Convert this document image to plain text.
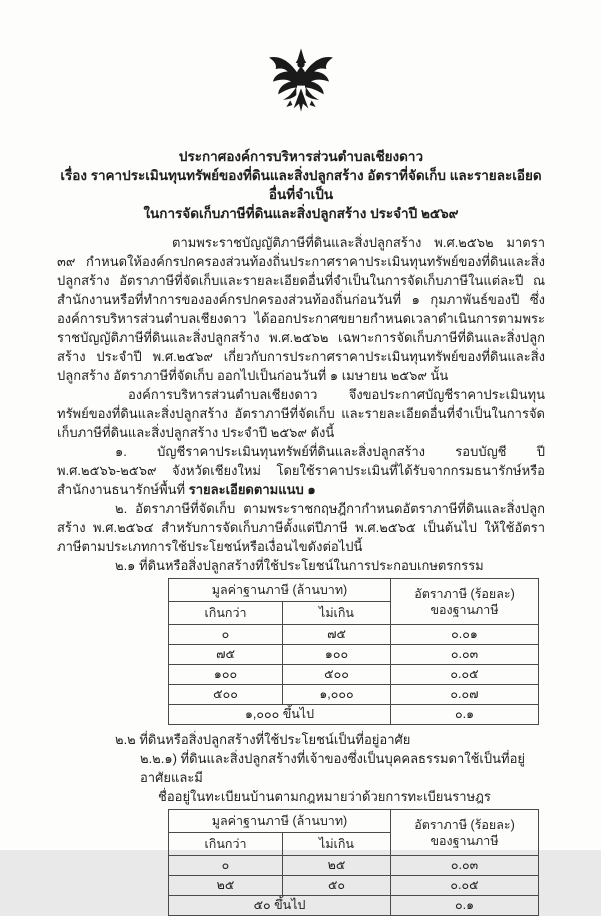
ประกาศองค์การบริหารส่วนตำบลเชียงดาว
เรื่อง ราคาประเมินทุนทรัพย์ของที่ดินและสิ่งปลูกสร้าง อัตราที่จัดเก็บ และรายละเอียดอื่นที่จำเป็น
ในการจัดเก็บภาษีที่ดินและสิ่งปลูกสร้าง ประจำปี ๒๕๖๙

ตามพระราชบัญญัติภาษีที่ดินและสิ่งปลูกสร้าง พ.ศ.๒๕๖๒ มาตรา ๓๙ กำหนดให้องค์กรปกครองส่วนท้องถิ่นประกาศราคาประเมินทุนทรัพย์ของที่ดินและสิ่งปลูกสร้าง อัตราภาษีที่จัดเก็บและรายละเอียดอื่นที่จำเป็นในการจัดเก็บภาษีในแต่ละปี ณ สำนักงานหรือที่ทำการขององค์กรปกครองส่วนท้องถิ่นก่อนวันที่ ๑ กุมภาพันธ์ของปี ซึ่งองค์การบริหารส่วนตำบลเชียงดาว ได้ออกประกาศขยายกำหนดเวลาดำเนินการตามพระราชบัญญัติภาษีที่ดินและสิ่งปลูกสร้าง พ.ศ.๒๕๖๒ เฉพาะการจัดเก็บภาษีที่ดินและสิ่งปลูกสร้าง ประจำปี พ.ศ.๒๕๖๙ เกี่ยวกับการประกาศราคาประเมินทุนทรัพย์ของที่ดินและสิ่งปลูกสร้าง อัตราภาษีที่จัดเก็บ ออกไปเป็นก่อนวันที่ ๑ เมษายน ๒๕๖๙ นั้น

องค์การบริหารส่วนตำบลเชียงดาว จึงขอประกาศบัญชีราคาประเมินทุนทรัพย์ของที่ดินและสิ่งปลูกสร้าง อัตราภาษีที่จัดเก็บ และรายละเอียดอื่นที่จำเป็นในการจัดเก็บภาษีที่ดินและสิ่งปลูกสร้าง ประจำปี ๒๕๖๙ ดังนี้

๑. บัญชีราคาประเมินทุนทรัพย์ที่ดินและสิ่งปลูกสร้าง รอบบัญชี ปี พ.ศ.๒๕๖๖-๒๕๖๙ จังหวัดเชียงใหม่ โดยใช้ราคาประเมินที่ได้รับจากกรมธนารักษ์หรือสำนักงานธนารักษ์พื้นที่ รายละเอียดตามแนบ ๑

๒. อัตราภาษีที่จัดเก็บ ตามพระราชกฤษฎีกากำหนดอัตราภาษีที่ดินและสิ่งปลูกสร้าง พ.ศ.๒๕๖๔ สำหรับการจัดเก็บภาษีตั้งแต่ปีภาษี พ.ศ.๒๕๖๕ เป็นต้นไป ให้ใช้อัตราภาษีตามประเภทการใช้ประโยชน์หรือเงื่อนไขดังต่อไปนี้

๒.๑ ที่ดินหรือสิ่งปลูกสร้างที่ใช้ประโยชน์ในการประกอบเกษตรกรรม

มูลค่าฐานภาษี (ล้านบาท)		อัตราภาษี (ร้อยละ)
ของฐานภาษี

เกินกว่า	ไม่เกิน	
๐	๗๕	๐.๐๑
๗๕	๑๐๐	๐.๐๓
๑๐๐	๕๐๐	๐.๐๕
๕๐๐	๑,๐๐๐	๐.๐๗
๑,๐๐๐ ขึ้นไป		๐.๑

๒.๒ ที่ดินหรือสิ่งปลูกสร้างที่ใช้ประโยชน์เป็นที่อยู่อาศัย

๒.๒.๑) ที่ดินและสิ่งปลูกสร้างที่เจ้าของซึ่งเป็นบุคคลธรรมดาใช้เป็นที่อยู่อาศัยและมี
ชื่ออยู่ในทะเบียนบ้านตามกฎหมายว่าด้วยการทะเบียนราษฎร
มูลค่าฐานภาษี (ล้านบาท)		อัตราภาษี (ร้อยละ)
ของฐานภาษี

เกินกว่า	ไม่เกิน	
๐	๒๕	๐.๐๓
๒๕	๕๐	๐.๐๕
๕๐ ขึ้นไป		๐.๑
